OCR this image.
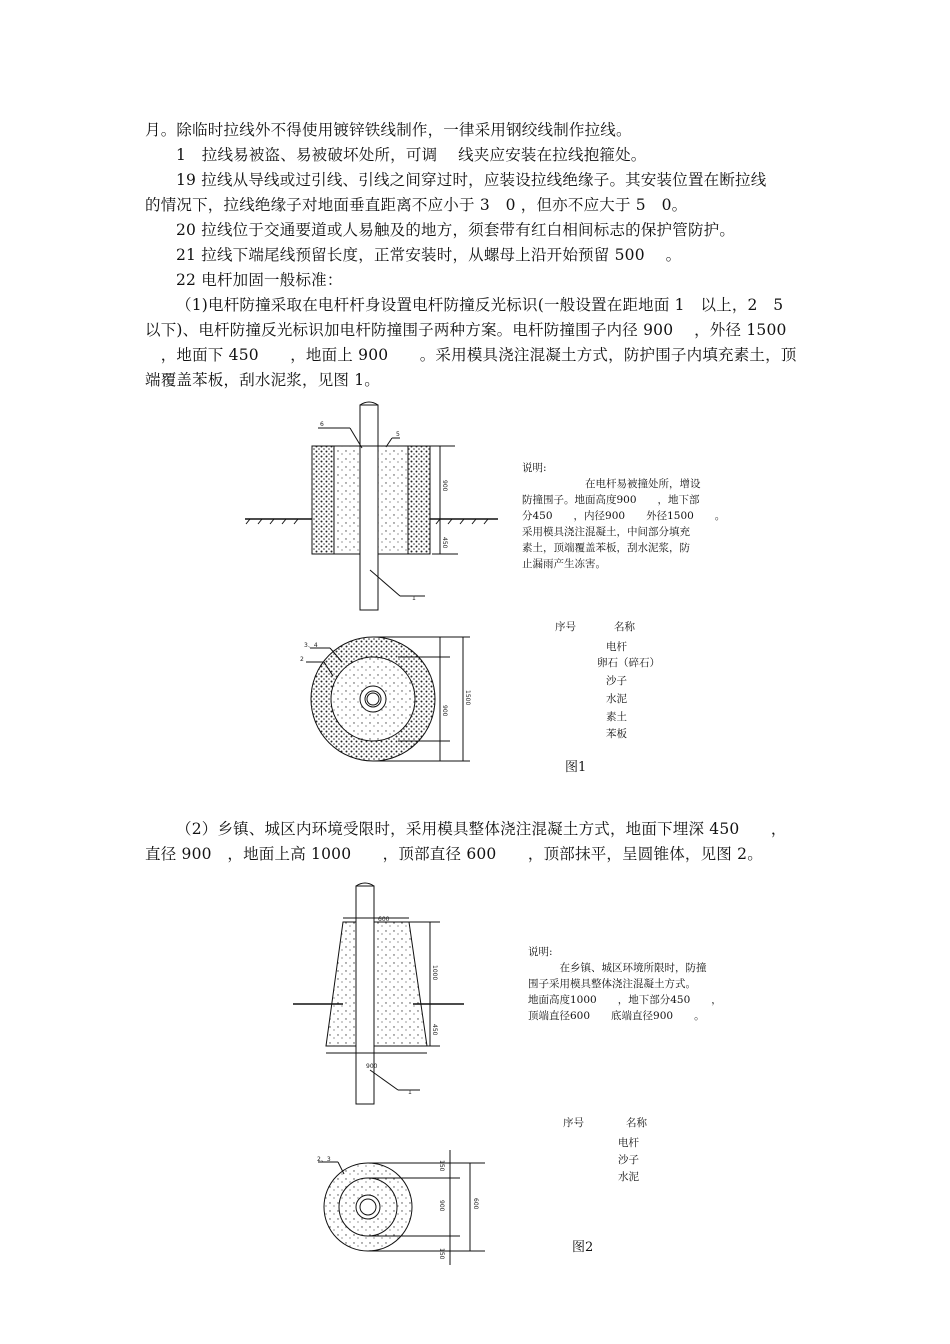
月。除临时拉线外不得使用镀锌铁线制作，一律采用钢绞线制作拉线。
1　拉线易被盗、易被破坏处所，可调　 线夹应安装在拉线抱箍处。
19 拉线从导线或过引线、引线之间穿过时，应装设拉线绝缘子。其安装位置在断拉线
的情况下，拉线绝缘子对地面垂直距离不应小于 3　0 ，但亦不应大于 5　0。
20 拉线位于交通要道或人易触及的地方，须套带有红白相间标志的保护管防护。
21 拉线下端尾线预留长度，正常安装时，从螺母上沿开始预留 500　 。
22 电杆加固一般标准：
（1)电杆防撞采取在电杆杆身设置电杆防撞反光标识(一般设置在距地面 1　以上，2　5
以下)、电杆防撞反光标识加电杆防撞围子两种方案。电杆防撞围子内径 900　 ，外径 1500
　，地面下 450　　，地面上 900　　。采用模具浇注混凝土方式，防护围子内填充素土，顶
端覆盖苯板，刮水泥浆，见图 1。
6
5
1
900
450
3、4
2
1500
900
600
1000
450
900
1
2、3
150
900	600
150
说明:
　　　　　　在电杆易被撞处所，增设
防撞围子。地面高度900　　，地下部
分450　　，内径900　　外径1500　　。
采用模具浇注混凝土，中间部分填充
素土，顶端覆盖苯板，刮水泥浆，防
止漏雨产生冻害。
序号	名称
电杆
卵石（碎石）
沙子
水泥
素土
苯板
图1
（2）乡镇、城区内环境受限时，采用模具整体浇注混凝土方式，地面下埋深 450　　，
直径 900　，地面上高 1000　　，顶部直径 600　　，顶部抹平，呈圆锥体，见图 2。
说明:
　　　在乡镇、城区环境所限时，防撞
围子采用模具整体浇注混凝土方式。
地面高度1000　　，地下部分450　　，
顶端直径600　　底端直径900　　。
序号	名称
电杆
沙子
水泥
图2
